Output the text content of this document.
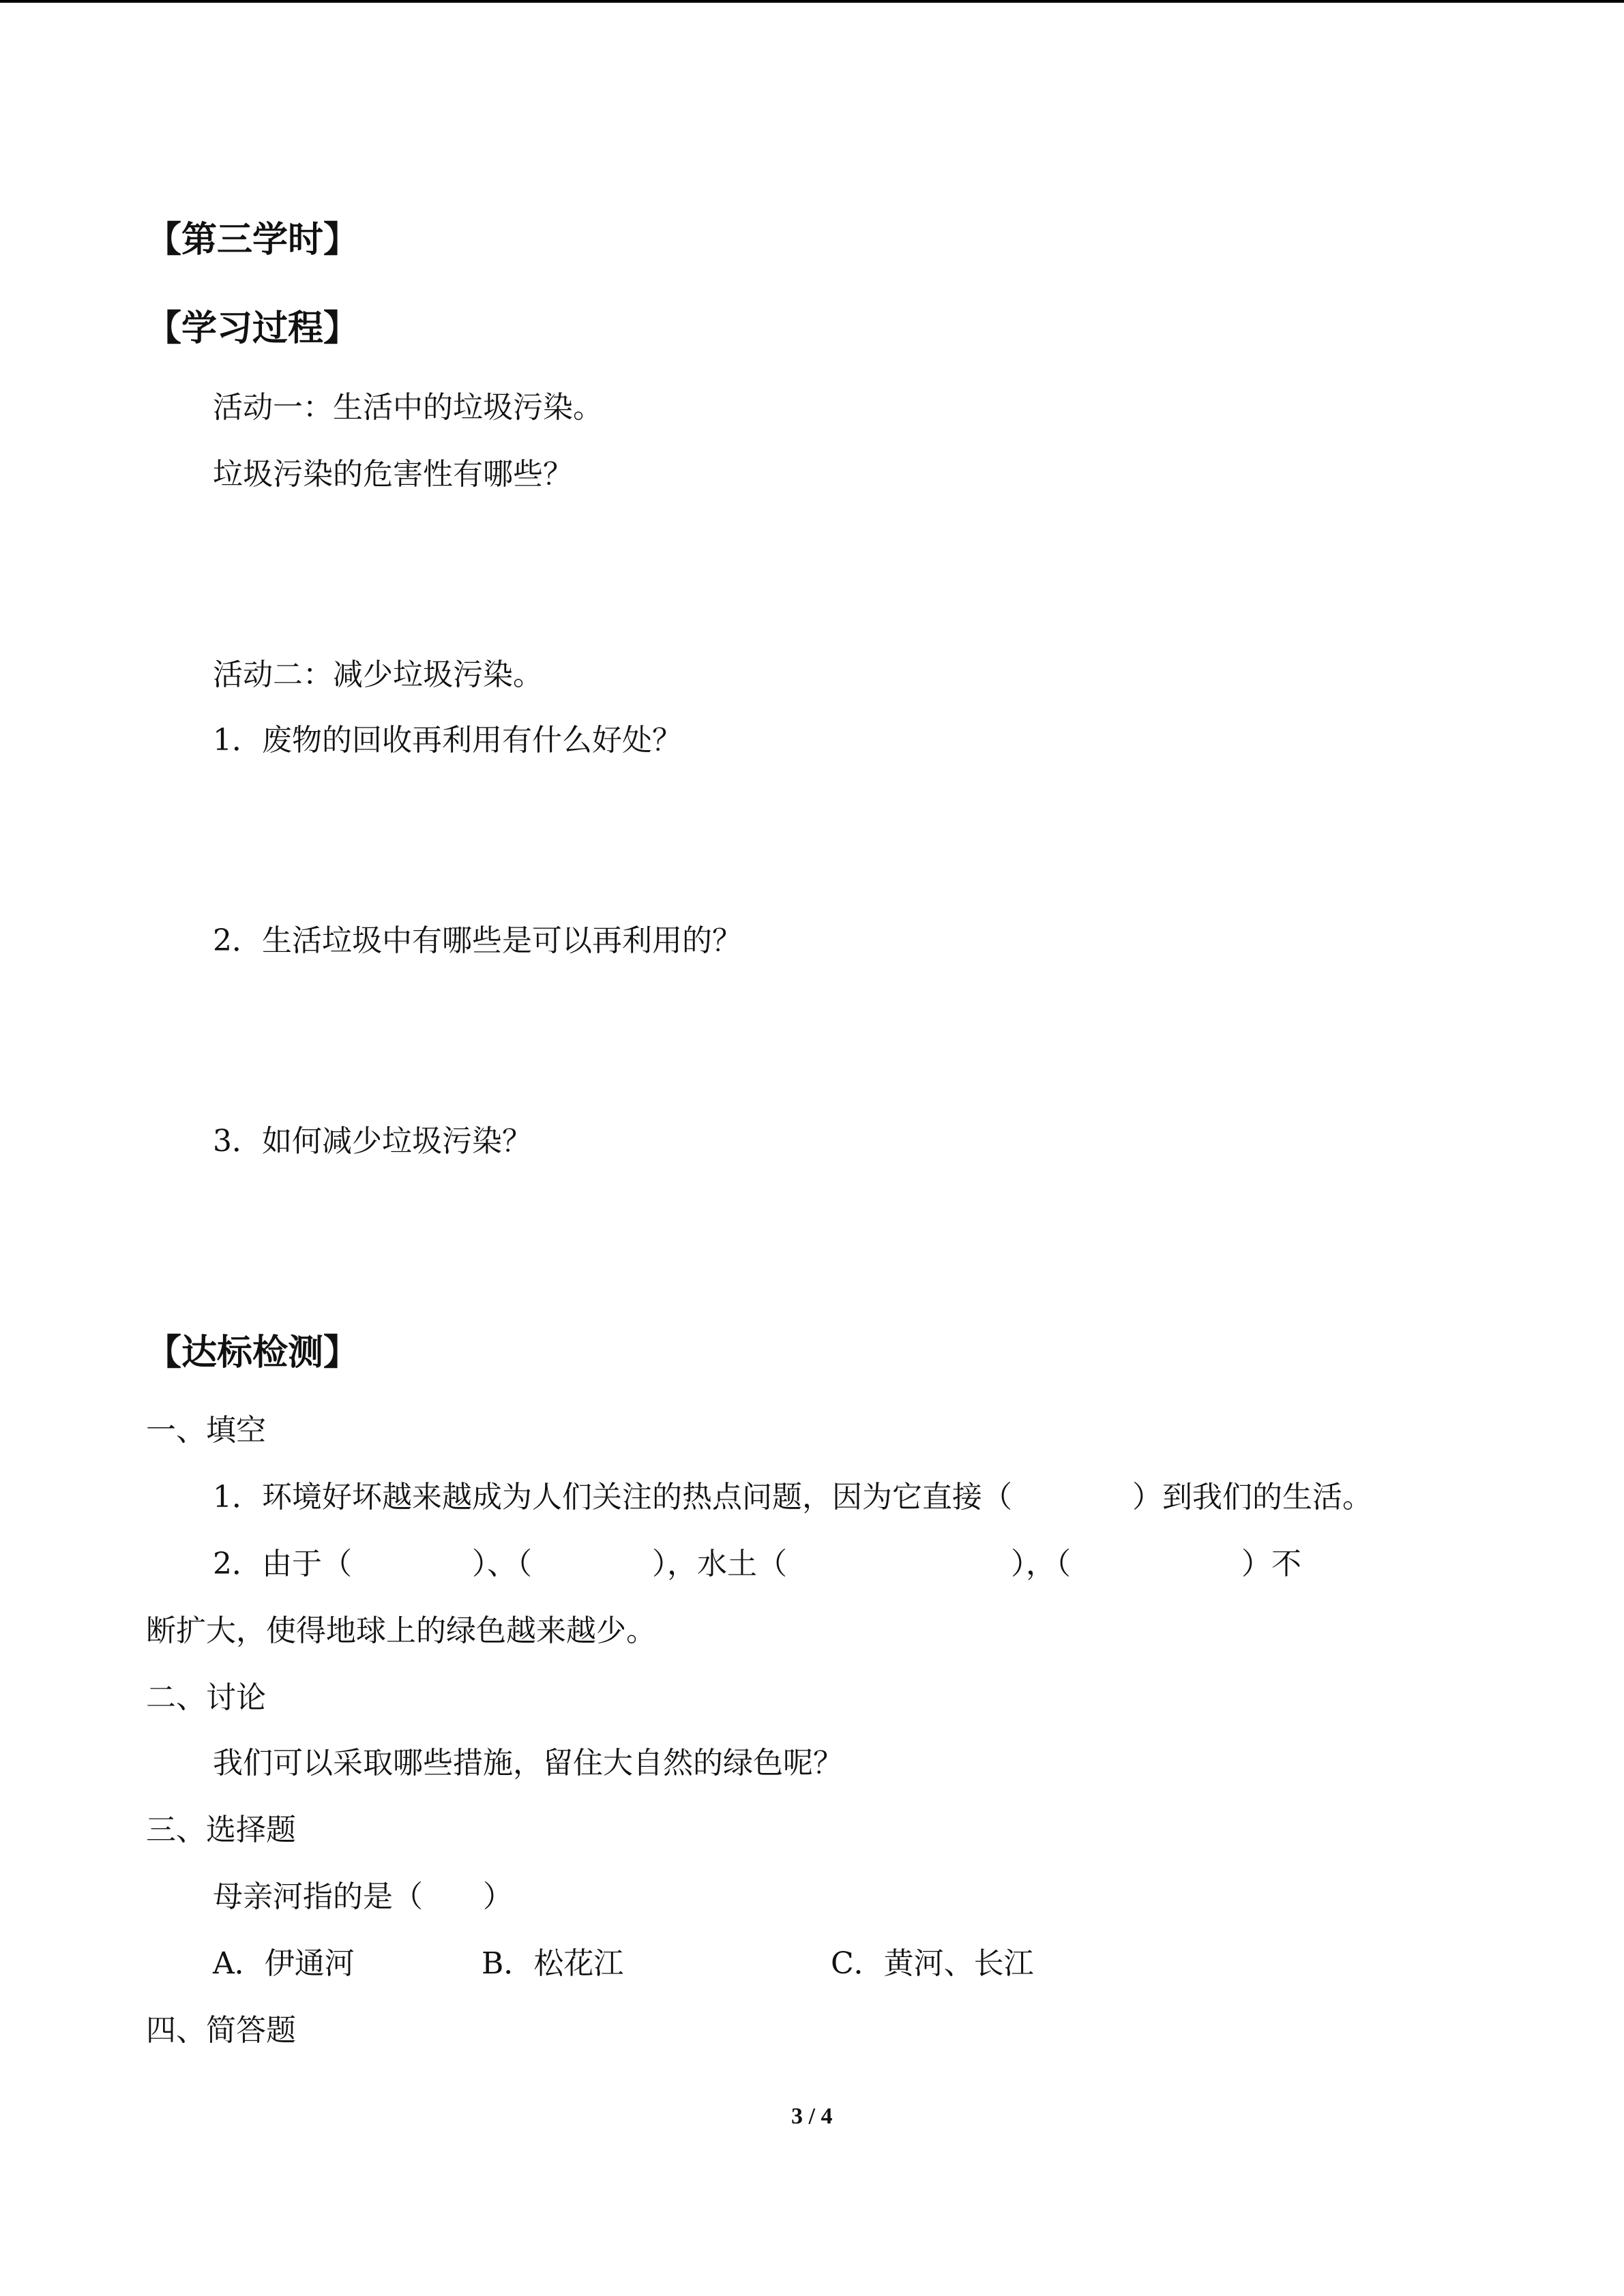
【第三学时】
【学习过程】
活动一：生活中的垃圾污染。
垃圾污染的危害性有哪些？
活动二：减少垃圾污染。
1．废物的回收再利用有什么好处？
2．生活垃圾中有哪些是可以再利用的？
3．如何减少垃圾污染？
【达标检测】
一、填空
1．环境好坏越来越成为人们关注的热点问题，因为它直接（	）到我们的生活。
2．由于（	）、（	），水土（	），（	）不
断扩大，使得地球上的绿色越来越少。
二、讨论
我们可以采取哪些措施，留住大自然的绿色呢？
三、选择题
母亲河指的是（ ）
A．伊通河	B．松花江	C．黄河、长江
四、简答题
3 / 4
